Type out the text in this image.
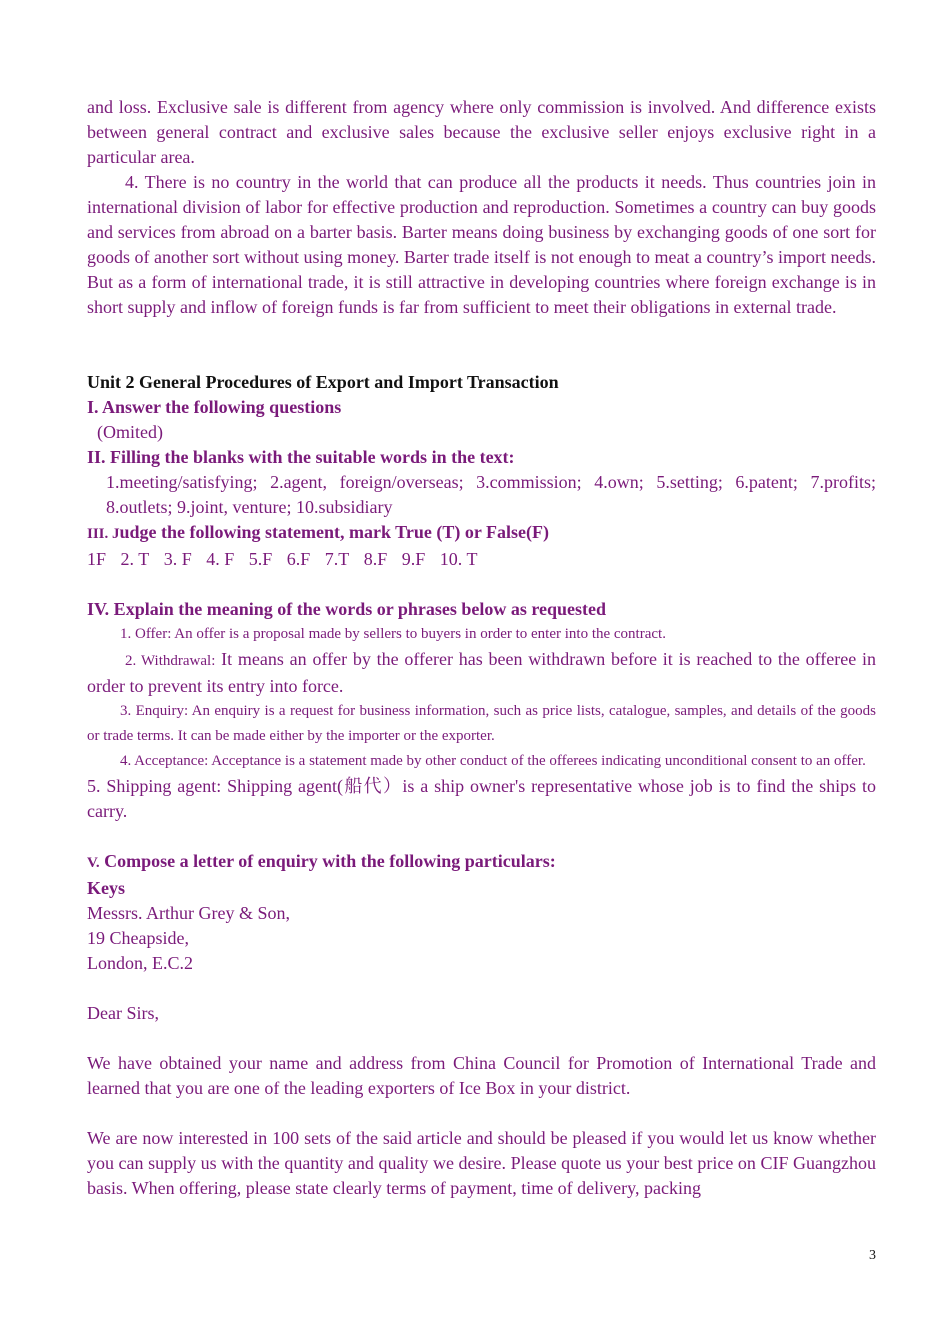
and loss. Exclusive sale is different from agency where only commission is involved. And difference exists between general contract and exclusive sales because the exclusive seller enjoys exclusive right in a particular area.

4. There is no country in the world that can produce all the products it needs. Thus countries join in international division of labor for effective production and reproduction. Sometimes a country can buy goods and services from abroad on a barter basis. Barter means doing business by exchanging goods of one sort for goods of another sort without using money. Barter trade itself is not enough to meat a country’s import needs. But as a form of international trade, it is still attractive in developing countries where foreign exchange is in short supply and inflow of foreign funds is far from sufficient to meet their obligations in external trade.

Unit 2 General Procedures of Export and Import Transaction
I. Answer the following questions
(Omited)
II. Filling the blanks with the suitable words in the text:
1.meeting/satisfying; 2.agent, foreign/overseas; 3.commission; 4.own; 5.setting; 6.patent; 7.profits; 8.outlets; 9.joint, venture; 10.subsidiary
III. Judge the following statement, mark True (T) or False(F)
1F 2. T 3. F 4. F 5.F 6.F 7.T 8.F 9.F 10. T
IV. Explain the meaning of the words or phrases below as requested
1. Offer: An offer is a proposal made by sellers to buyers in order to enter into the contract.
2. Withdrawal: It means an offer by the offerer has been withdrawn before it is reached to the offeree in order to prevent its entry into force.
3. Enquiry: An enquiry is a request for business information, such as price lists, catalogue, samples, and details of the goods or trade terms. It can be made either by the importer or the exporter.
4. Acceptance: Acceptance is a statement made by other conduct of the offerees indicating unconditional consent to an offer.
5. Shipping agent: Shipping agent(船代）is a ship owner's representative whose job is to find the ships to carry.
V. Compose a letter of enquiry with the following particulars:
Keys
Messrs. Arthur Grey & Son,
19 Cheapside,
London, E.C.2
Dear Sirs,

We have obtained your name and address from China Council for Promotion of International Trade and learned that you are one of the leading exporters of Ice Box in your district.

We are now interested in 100 sets of the said article and should be pleased if you would let us know whether you can supply us with the quantity and quality we desire. Please quote us your best price on CIF Guangzhou basis. When offering, please state clearly terms of payment, time of delivery, packing

3
